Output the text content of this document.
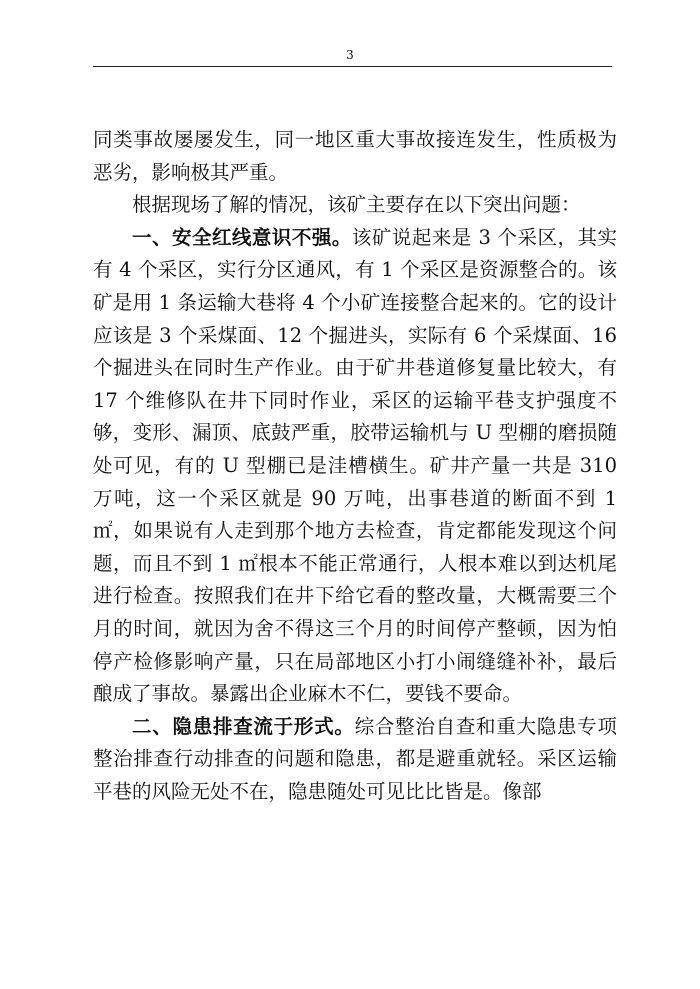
3

同类事故屡屡发生，同一地区重大事故接连发生，性质极为恶劣，影响极其严重。

根据现场了解的情况，该矿主要存在以下突出问题：

一、安全红线意识不强。该矿说起来是 3 个采区，其实有 4 个采区，实行分区通风，有 1 个采区是资源整合的。该矿是用 1 条运输大巷将 4 个小矿连接整合起来的。它的设计应该是 3 个采煤面、12 个掘进头，实际有 6 个采煤面、16 个掘进头在同时生产作业。由于矿井巷道修复量比较大，有 17 个维修队在井下同时作业，采区的运输平巷支护强度不够，变形、漏顶、底鼓严重，胶带运输机与 U 型棚的磨损随处可见，有的 U 型棚已是洼槽横生。矿井产量一共是 310 万吨，这一个采区就是 90 万吨，出事巷道的断面不到 1 ㎡，如果说有人走到那个地方去检查，肯定都能发现这个问题，而且不到 1 ㎡根本不能正常通行，人根本难以到达机尾进行检查。按照我们在井下给它看的整改量，大概需要三个月的时间，就因为舍不得这三个月的时间停产整顿，因为怕停产检修影响产量，只在局部地区小打小闹缝缝补补，最后酿成了事故。暴露出企业麻木不仁，要钱不要命。

二、隐患排查流于形式。综合整治自查和重大隐患专项整治排查行动排查的问题和隐患，都是避重就轻。采区运输平巷的风险无处不在，隐患随处可见比比皆是。像部
